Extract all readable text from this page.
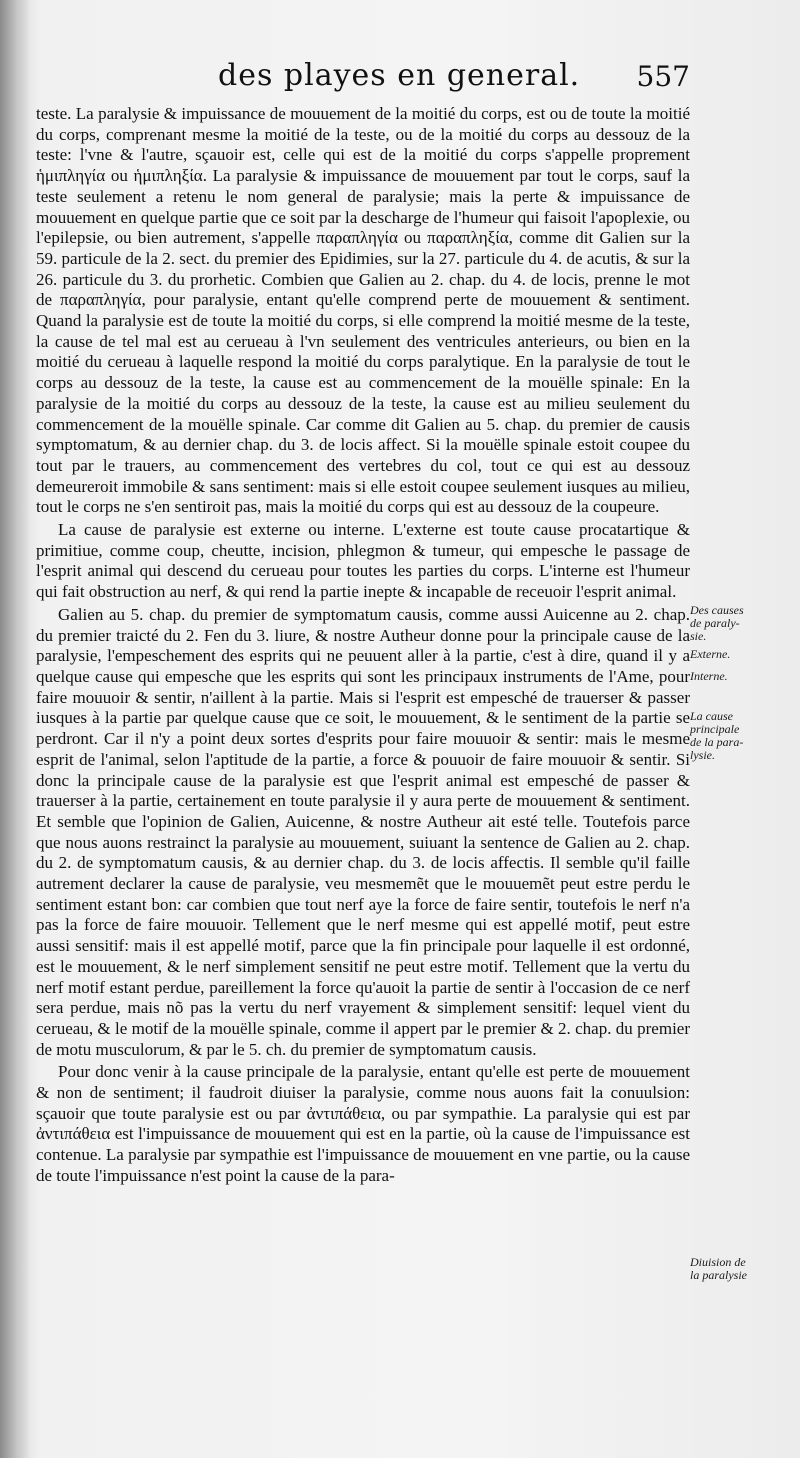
des playes en general. 557

teste. La paralysie & impuissance de mouuement de la moitié du corps, est ou de toute la moitié du corps, comprenant mesme la moitié de la teste, ou de la moitié du corps au dessouz de la teste: l'vne & l'autre, sçauoir est, celle qui est de la moitié du corps s'appelle proprement ἡμιπληγία ou ἡμιπληξία. La paralysie & impuissance de mouuement par tout le corps, sauf la teste seulement a retenu le nom general de paralysie; mais la perte & impuissance de mouuement en quelque partie que ce soit par la descharge de l'humeur qui faisoit l'apoplexie, ou l'epilepsie, ou bien autrement, s'appelle παραπληγία ou παραπληξία, comme dit Galien sur la 59. particule de la 2. sect. du premier des Epidimies, sur la 27. particule du 4. de acutis, & sur la 26. particule du 3. du prorhetic. Combien que Galien au 2. chap. du 4. de locis, prenne le mot de παραπληγία, pour paralysie, entant qu'elle comprend perte de mouuement & sentiment. Quand la paralysie est de toute la moitié du corps, si elle comprend la moitié mesme de la teste, la cause de tel mal est au cerueau à l'vn seulement des ventricules anterieurs, ou bien en la moitié du cerueau à laquelle respond la moitié du corps paralytique. En la paralysie de tout le corps au dessouz de la teste, la cause est au commencement de la mouëlle spinale: En la paralysie de la moitié du corps au dessouz de la teste, la cause est au milieu seulement du commencement de la mouëlle spinale. Car comme dit Galien au 5. chap. du premier de causis symptomatum, & au dernier chap. du 3. de locis affect. Si la mouëlle spinale estoit coupee du tout par le trauers, au commencement des vertebres du col, tout ce qui est au dessouz demeureroit immobile & sans sentiment: mais si elle estoit coupee seulement iusques au milieu, tout le corps ne s'en sentiroit pas, mais la moitié du corps qui est au dessouz de la coupeure.

La cause de paralysie est externe ou interne. L'externe est toute cause procatartique & primitiue, comme coup, cheutte, incision, phlegmon & tumeur, qui empesche le passage de l'esprit animal qui descend du cerueau pour toutes les parties du corps. L'interne est l'humeur qui fait obstruction au nerf, & qui rend la partie inepte & incapable de receuoir l'esprit animal.

Galien au 5. chap. du premier de symptomatum causis, comme aussi Auicenne au 2. chap. du premier traicté du 2. Fen du 3. liure, & nostre Autheur donne pour la principale cause de la paralysie, l'empeschement des esprits qui ne peuuent aller à la partie, c'est à dire, quand il y a quelque cause qui empesche que les esprits qui sont les principaux instruments de l'Ame, pour faire mouuoir & sentir, n'aillent à la partie. Mais si l'esprit est empesché de trauerser & passer iusques à la partie par quelque cause que ce soit, le mouuement, & le sentiment de la partie se perdront. Car il n'y a point deux sortes d'esprits pour faire mouuoir & sentir: mais le mesme esprit de l'animal, selon l'aptitude de la partie, a force & pouuoir de faire mouuoir & sentir. Si donc la principale cause de la paralysie est que l'esprit animal est empesché de passer & trauerser à la partie, certainement en toute paralysie il y aura perte de mouuement & sentiment. Et semble que l'opinion de Galien, Auicenne, & nostre Autheur ait esté telle. Toutefois parce que nous auons restrainct la paralysie au mouuement, suiuant la sentence de Galien au 2. chap. du 2. de symptomatum causis, & au dernier chap. du 3. de locis affectis. Il semble qu'il faille autrement declarer la cause de paralysie, veu mesmemẽt que le mouuemẽt peut estre perdu le sentiment estant bon: car combien que tout nerf aye la force de faire sentir, toutefois le nerf n'a pas la force de faire mouuoir. Tellement que le nerf mesme qui est appellé motif, peut estre aussi sensitif: mais il est appellé motif, parce que la fin principale pour laquelle il est ordonné, est le mouuement, & le nerf simplement sensitif ne peut estre motif. Tellement que la vertu du nerf motif estant perdue, pareillement la force qu'auoit la partie de sentir à l'occasion de ce nerf sera perdue, mais nõ pas la vertu du nerf vrayement & simplement sensitif: lequel vient du cerueau, & le motif de la mouëlle spinale, comme il appert par le premier & 2. chap. du premier de motu musculorum, & par le 5. ch. du premier de symptomatum causis.

Pour donc venir à la cause principale de la paralysie, entant qu'elle est perte de mouuement & non de sentiment; il faudroit diuiser la paralysie, comme nous auons fait la conuulsion: sçauoir que toute paralysie est ou par ἀντιπάθεια, ou par sympathie. La paralysie qui est par ἀντιπάθεια est l'impuissance de mouuement qui est en la partie, où la cause de l'impuissance est contenue. La paralysie par sympathie est l'impuissance de mouuement en vne partie, ou la cause de toute l'impuissance n'est point la cause de la para-

Des causes
de paraly-
sie.
Externe.
Interne.
La cause
principale
de la para-
lysie.
Diuision de
la paralysie
